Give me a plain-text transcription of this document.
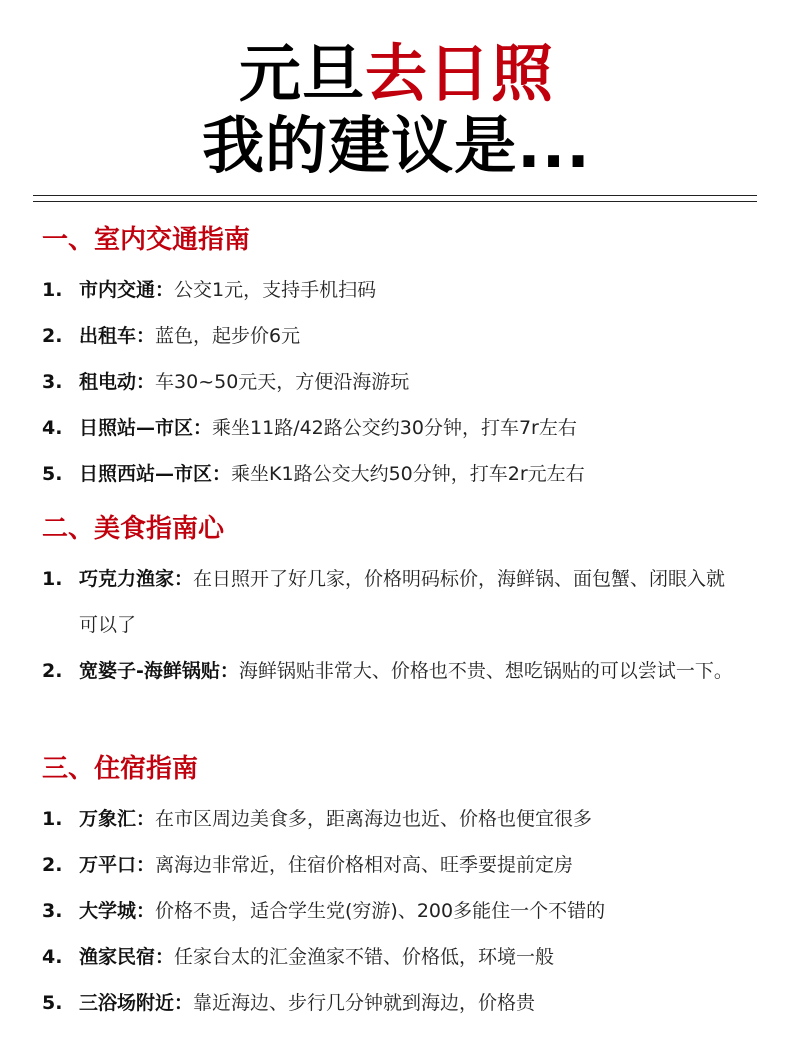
元旦去日照
我的建议是...
一、室内交通指南
1. 市内交通：公交1元，支持手机扫码
2. 出租车：蓝色，起步价6元
3. 租电动：车30~50元天，方便沿海游玩
4. 日照站—市区：乘坐11路/42路公交约30分钟，打车7r左右
5. 日照西站—市区：乘坐K1路公交大约50分钟，打车2r元左右
二、美食指南心
1. 巧克力渔家：在日照开了好几家，价格明码标价，海鲜锅、面包蟹、闭眼入就可以了
2. 宽婆子-海鲜锅贴：海鲜锅贴非常大、价格也不贵、想吃锅贴的可以尝试一下。
三、住宿指南
1. 万象汇：在市区周边美食多，距离海边也近、价格也便宜很多
2. 万平口：离海边非常近，住宿价格相对高、旺季要提前定房
3. 大学城：价格不贵，适合学生党(穷游)、200多能住一个不错的
4. 渔家民宿：任家台太的汇金渔家不错、价格低，环境一般
5. 三浴场附近：靠近海边、步行几分钟就到海边，价格贵
